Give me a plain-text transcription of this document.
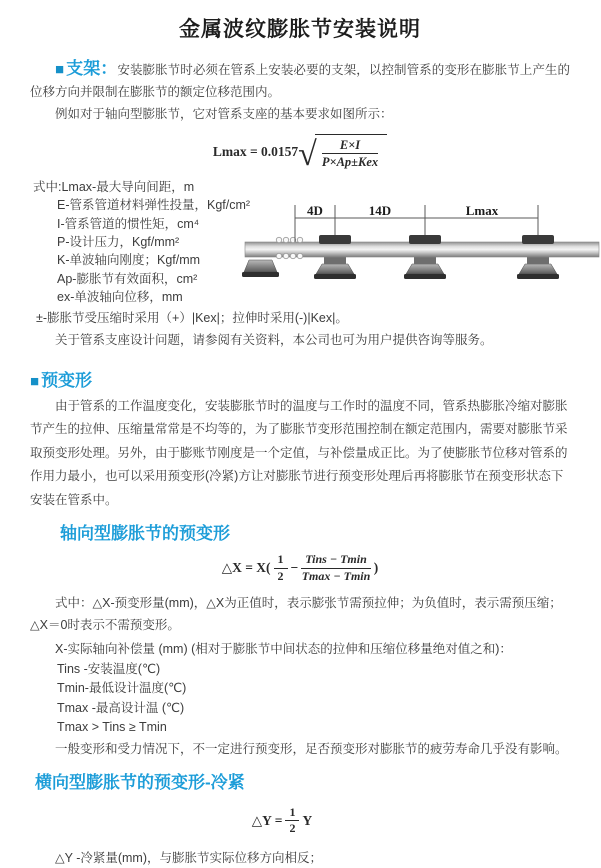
金属波纹膨胀节安装说明

■ 支架：安装膨胀节时必须在管系上安装必要的支架，以控制管系的变形在膨胀节上产生的位移方向并限制在膨胀节的额定位移范围内。

例如对于轴向型膨胀节，它对管系支座的基本要求如图所示：

Lmax = 0.0157 √ $\frac{E\times I}{\text{P×Ap±Kex}}$

式中:Lmax-最大导向间距，m

E-管系管道材料弹性投量，Kgf/cm²

I-管系管道的惯性矩，cm⁴

P-设计压力，Kgf/mm²

K-单波轴向刚度；Kgf/mm

Ap-膨胀节有效面积，cm²

ex-单波轴向位移，mm

4D	14D	Lmax

±-膨胀节受压缩时采用（+）|Kex|；拉伸时采用(-)|Kex|。

关于管系支座设计问题，请参阅有关资料，本公司也可为用户提供咨询等服务。

■ 预变形

由于管系的工作温度变化，安装膨胀节时的温度与工作时的温度不同，管系热膨胀冷缩对膨胀节产生的拉伸、压缩量常常是不均等的，为了膨胀节变形范围控制在额定范围内，需要对膨胀节采取预变形处理。另外，由于膨账节刚度是一个定值，与补偿量成正比。为了使膨胀节位移对管系的作用力最小，也可以采用预变形(冷紧)方让对膨胀节进行预变形处理后再将膨胀节在预变形状态下安装在管系中。

轴向型膨胀节的预变形

△X = $X( \frac{1}{2} - \frac{\text{Tins − Tmin}}{Tmax - Tmin}$ )

式中：△X-预变形量(mm)，△X为正值时，表示膨张节需预拉伸；为负值时，表示需预压缩；△X＝0时表示不需预变形。

X-实际轴向补偿量 (mm) (相对于膨胀节中间状态的拉伸和压缩位移量绝对值之和)：

Tins -安装温度(℃)

Tmin-最低设计温度(℃)

Tmax -最高设计温 (℃)

Tmax > Tins ≥ Tmin

一般变形和受力情况下，不一定进行预变形，足否预变形对膨胀节的疲劳寿命几乎没有影响。

横向型膨胀节的预变形-冷紧

△Y = $\frac{1}{2}$ Y

△Y -冷紧量(mm)，与膨胀节实际位移方向相反；
